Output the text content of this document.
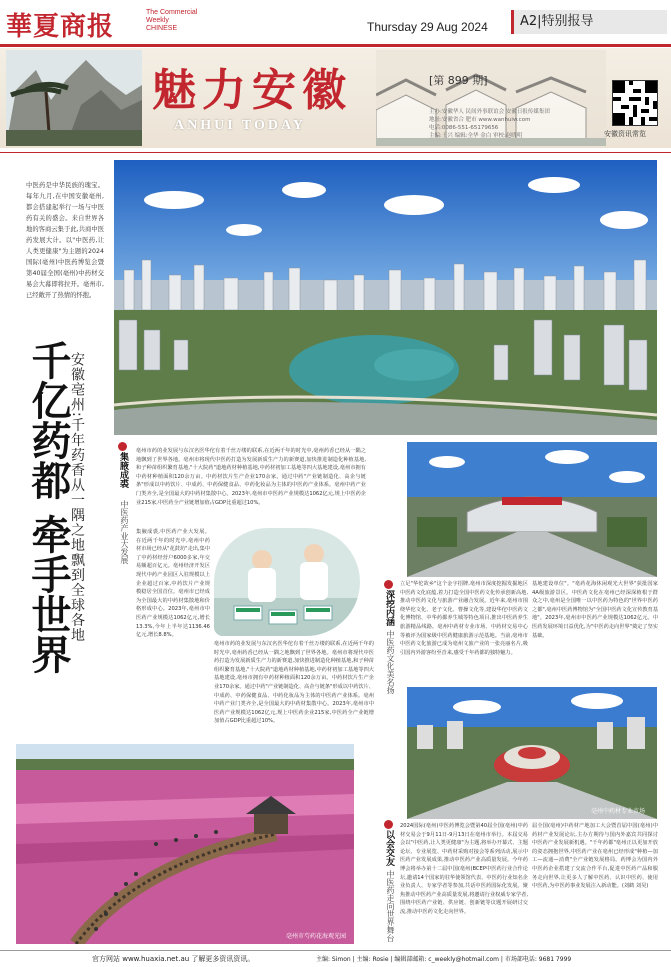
華夏商报	The Commercial
Weekly
CHINESE	Thursday 29 Aug 2024	A2|特别报导
魅力安徽
ANHUI TODAY
[第 899 期]
主办:安徽华人 民间外事联谊会 安徽日报传媒集团
地址:安徽省合 肥市 www.wanhuiw.com
电话:0086-551-65179656
主编:王兴 编辑:全华 金白 审校:赵晓明	安徽资讯常览
中医药是中华民族的瑰宝。每年九月,在中国安徽亳州,都会搭建起举行一场与中医药有关的盛会。来自世界各地的客商云集于此,共商中医药发展大计。以"中医药,让人类更健康"为主题的2024国际(亳州)中医药博览会暨第40届全国(亳州)中药材交易会大幕即将拉开。亳州市,已经敞开了热情的怀抱。
千亿药都 牵手世界
安徽亳州:千年药香从一隅之地飘到全球各地	集腋成裘
中医药产业大发展
深挖内涵
中医药文化美名扬
以会交友
中医药走向世界舞台
亳州市药的业发展与东汉名医华佗有着千丝万缕的联系,在近两千年的时光中,亳州药香已经从一隅之地飘到了世界各地。亳州市将现代中医药打造为发展新质生产力的新赛道,加快推进制造化种植基地,和子种苗组织繁育基地,"十大院药"道地药材种植基地,中药材初加工基地等四大基地建设,亳州市拥有中药材种植面积120余万亩。中药材饮片生产企业170余家。通过中药"产业链制造化、高企与链条"形成以中药饮片、中成药、中药保健食品、中药化妆品为主体的中医药产业体系。亳州中药产业门类齐全,是全国最大的中药材集散中心。2023年,亳州市中医药产业规模达1062亿元,规上中医药企业215家,中医药全产业链增加值占GDP比重超过10%。
集腋成裘,中医药产业大发展。在近两千年的时光中,亳州中药材市场已经从"花鼓坊"走出,集中了中药材经营户6000多家,年交易额超百亿元。亳州经济开发区现代中药产业园区入驻规模以上企业超过百家,中药饮片产业规模稳居全国首位。亳州市已经成为全国最大的中药材集散地和价格形成中心。2023年,亳州市中医药产业规模达1062亿元,增长13.3%,今年上半年达1136.46亿元,增长8.8%。
亳州市药的业发展与东汉名医华佗有着千丝万缕的联系,在近两千年的时光中,亳州药香已经从一隅之地飘到了世界各地。亳州市将现代中医药打造为发展新质生产力的新赛道,加快推进制造化种植基地,和子种苗组织繁育基地,"十大院药"道地药材种植基地,中药材初加工基地等四大基地建设,亳州市拥有中药材种植面积120余万亩。中药材饮片生产企业170余家。通过中药"产业链制造化、高企与链条"形成以中药饮片、中成药、中药保健食品、中药化妆品为主体的中医药产业体系。亳州中药产业门类齐全,是全国最大的中药材集散中心。2023年,亳州市中医药产业规模达1062亿元,规上中医药企业215家,中医药全产业链增加值占GDP比重超过10%。
立足"华佗故乡"这个金字招牌,亳州市深度挖掘发掘地区中医药文化底蕴,着力打造全国中医药文化传承创新高地,推动中医药文化与旅游产业融合发展。近年来,亳州市围绕华佗文化、老子文化、曹操文化等,建设华佗中医药文化博物馆、中华药都养生城等特色项目,推出中医药养生旅游精品线路。亳州中药材专业市场、中药材交易中心等被评为国家级中医药健康旅游示范基地。当前,亳州市中医药文化旅游已成为亳州文旅产业的一张亮丽名片,吸引国内外游客纷至沓来,感受千年药都的独特魅力。
基地建设单位"。"亳药花海休闲观光大世界"获批国家4A级旅游景区。中医药文化在亳州已经深深植根于群众之中,亳州是全国唯一以中医药为特色的"世界中医药之都",亳州中医药博物馆为"全国中医药文化宣传教育基地"。2023年,亳州市中医药产业规模达1062亿元。中医药发展环境日益优化,为"中医药走向世界"奠定了坚实基础。
2024国际(亳州)中医药博览会暨第40届全国(亳州)中药材交易会于9月11日-9月13日在亳州市举行。本届交易会以"中医药,让人类更健康"为主题,将举办开幕式、主题论坛、专业展览、中药材采购对接会等系列活动,展示中医药产业发展成果,推动中医药产业高质量发展。今年药博会将举办第十二届中国(亳州)BCEP中医药行业合作论坛,邀请14个国家的驻华使领馆代表、中医药行业知名企业负责人、专家学者等参加,共话中医药国际化发展。聚焦推动中医药产业高质量发展,将邀请行业权威专家学者,围绕中医药产业链、供应链、创新链等议题开展研讨交流,推动中医药文化走向世界。
届全国(亳州)中药材产地加工大会暨首届中国(亳州)中药材产业发展论坛,主办方期待与国内外嘉宾共同探讨中医药产业发展新机遇。"千年药都"亳州正以更加开放的姿态拥抱世界,中医药产业在亳州已经形成"种植—加工—流通—消费"全产业链发展格局。药博会为国内外中医药企业搭建了交流合作平台,促进中医药产品和服务走向世界,让更多人了解中医药、认识中医药、使用中医药,为中医药事业发展注入新动能。(刘鹤 刘昊)
亳州中药材专业市场
亳州市芍药花海观光园
官方网站 www.huaxia.net.au 了解更多资讯资讯。	主编: Simon | 主编: Rosie | 编辑部邮箱: c_weekly@hotmail.com | 市场部电话: 9681 7999
